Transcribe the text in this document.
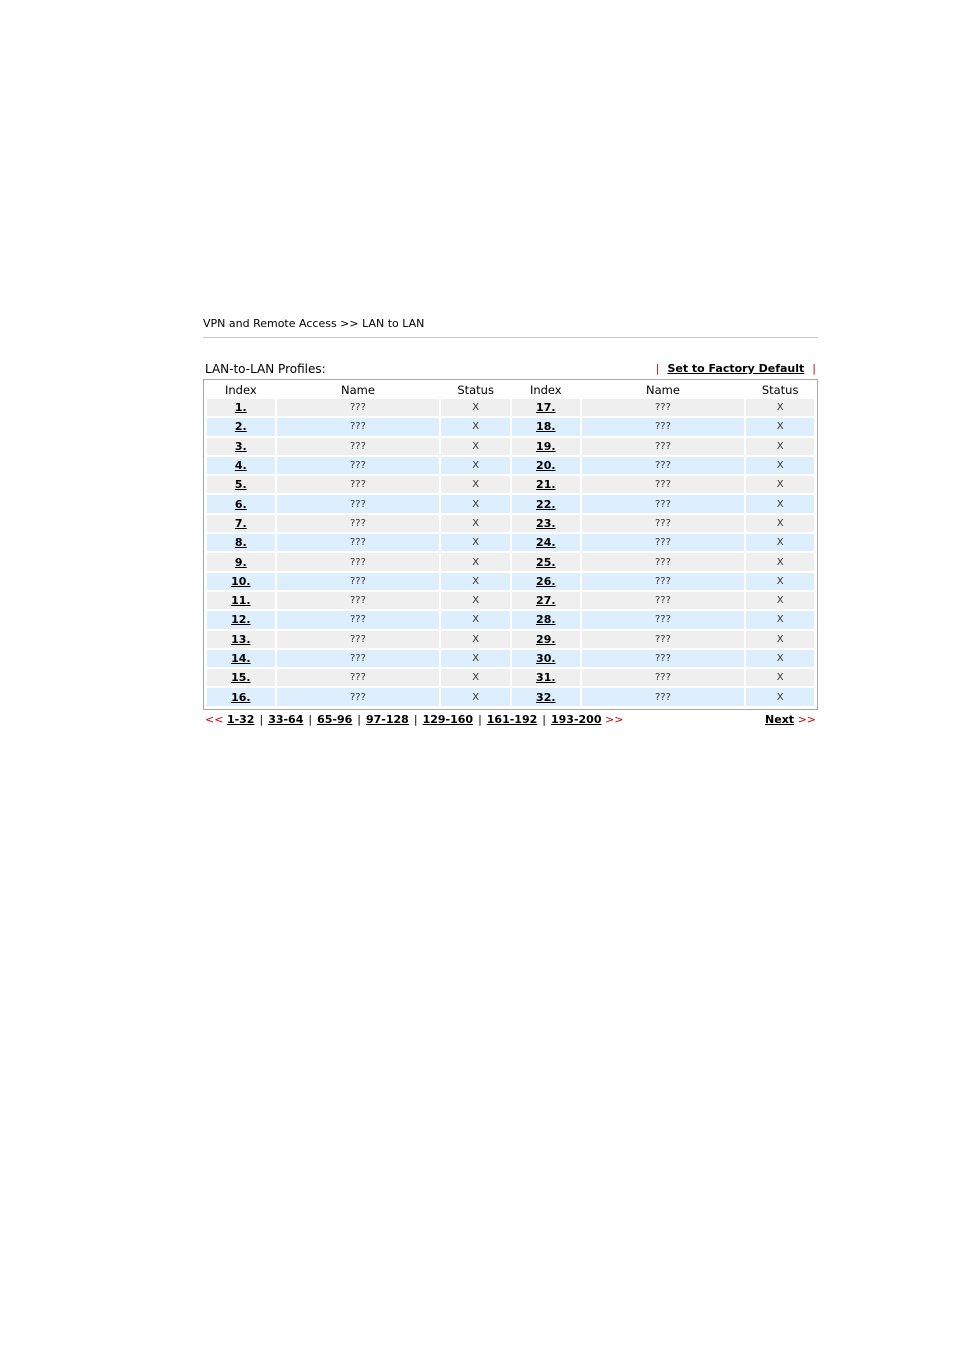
VPN and Remote Access >> LAN to LAN
LAN-to-LAN Profiles:	| Set to Factory Default |
Index	Name	Status	Index	Name	Status
1.	???	X	17.	???	X
2.	???	X	18.	???	X
3.	???	X	19.	???	X
4.	???	X	20.	???	X
5.	???	X	21.	???	X
6.	???	X	22.	???	X
7.	???	X	23.	???	X
8.	???	X	24.	???	X
9.	???	X	25.	???	X
10.	???	X	26.	???	X
11.	???	X	27.	???	X
12.	???	X	28.	???	X
13.	???	X	29.	???	X
14.	???	X	30.	???	X
15.	???	X	31.	???	X
16.	???	X	32.	???	X
<< 1-32 | 33-64 | 65-96 | 97-128 | 129-160 | 161-192 | 193-200 >>	Next >>
